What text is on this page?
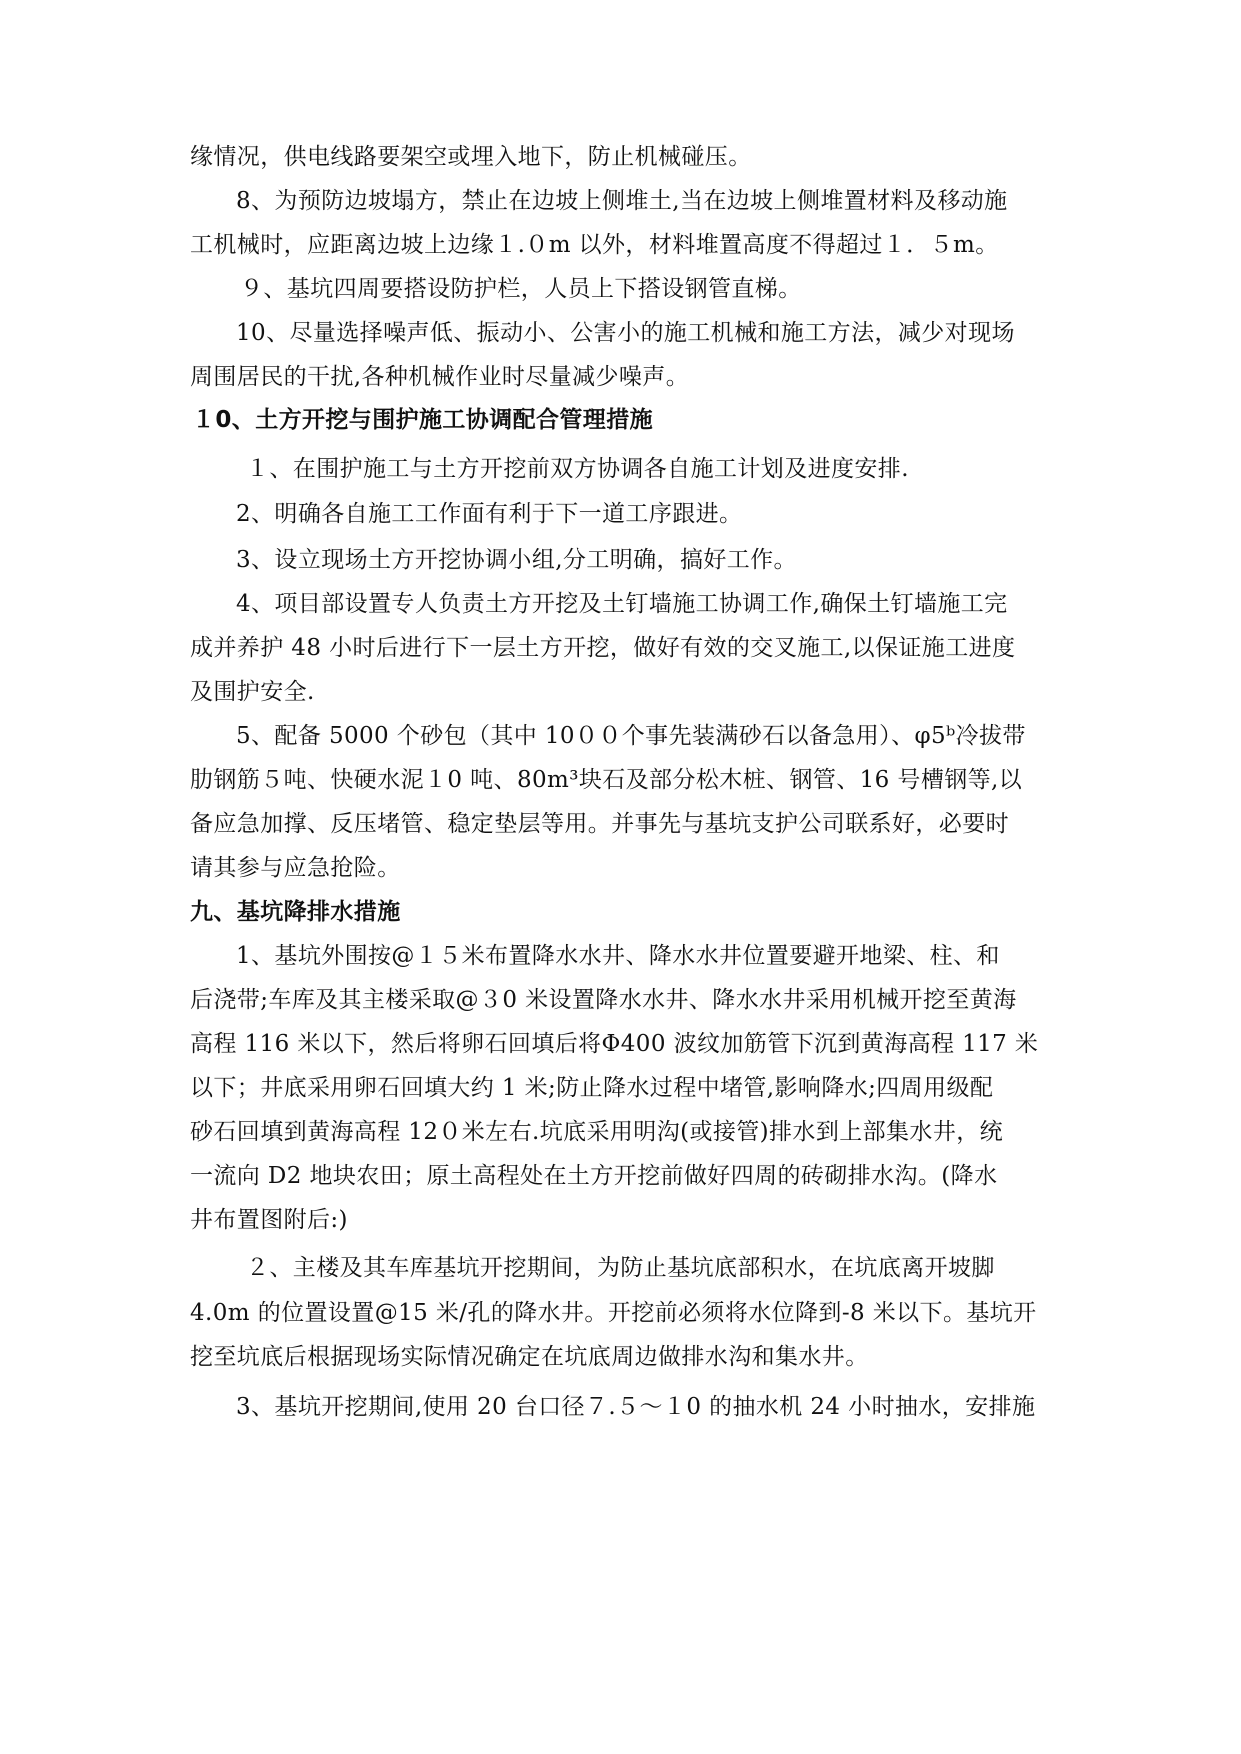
缘情况，供电线路要架空或埋入地下，防止机械碰压。
8、为预防边坡塌方，禁止在边坡上侧堆土,当在边坡上侧堆置材料及移动施
工机械时，应距离边坡上边缘１.０m 以外，材料堆置高度不得超过１．５m。
９、基坑四周要搭设防护栏，人员上下搭设钢管直梯。
10、尽量选择噪声低、振动小、公害小的施工机械和施工方法，减少对现场
周围居民的干扰,各种机械作业时尽量减少噪声。
１0、土方开挖与围护施工协调配合管理措施
１、在围护施工与土方开挖前双方协调各自施工计划及进度安排.
2、明确各自施工工作面有利于下一道工序跟进。
3、设立现场土方开挖协调小组,分工明确，搞好工作。
4、项目部设置专人负责土方开挖及土钉墙施工协调工作,确保土钉墙施工完
成并养护 48 小时后进行下一层土方开挖，做好有效的交叉施工,以保证施工进度
及围护安全.
5、配备 5000 个砂包（其中 10００个事先装满砂石以备急用）、φ5ᵇ冷拔带
肋钢筋５吨、快硬水泥１0 吨、80m³块石及部分松木桩、钢管、16 号槽钢等,以
备应急加撑、反压堵管、稳定垫层等用。并事先与基坑支护公司联系好，必要时
请其参与应急抢险。
九、基坑降排水措施
1、基坑外围按@１５米布置降水水井、降水水井位置要避开地梁、柱、和
后浇带;车库及其主楼采取@３0 米设置降水水井、降水水井采用机械开挖至黄海
高程 116 米以下，然后将卵石回填后将Φ400 波纹加筋管下沉到黄海高程 117 米
以下；井底采用卵石回填大约 1 米;防止降水过程中堵管,影响降水;四周用级配
砂石回填到黄海高程 12０米左右.坑底采用明沟(或接管)排水到上部集水井，统
一流向 D2 地块农田；原土高程处在土方开挖前做好四周的砖砌排水沟。(降水
井布置图附后:)
２、主楼及其车库基坑开挖期间，为防止基坑底部积水，在坑底离开坡脚
4.0m 的位置设置@15 米/孔的降水井。开挖前必须将水位降到-8 米以下。基坑开
挖至坑底后根据现场实际情况确定在坑底周边做排水沟和集水井。
3、基坑开挖期间,使用 20 台口径７.５～１0 的抽水机 24 小时抽水，安排施
